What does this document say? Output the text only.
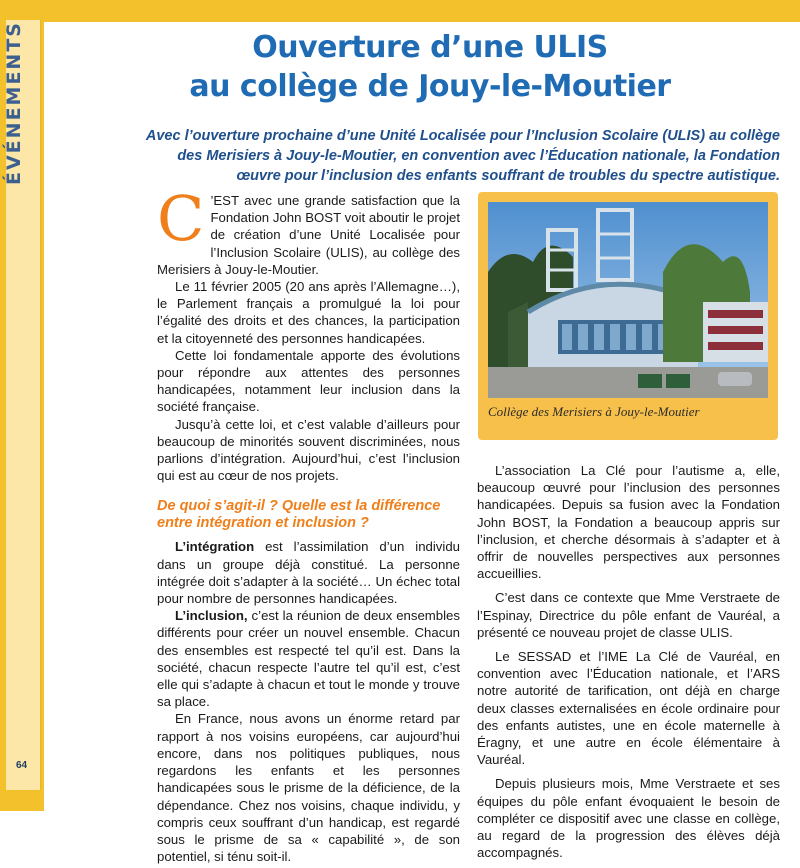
ÉVÉNEMENTS
64
Ouverture d’une ULIS
au collège de Jouy-le-Moutier
Avec l’ouverture prochaine d’une Unité Localisée pour l’Inclusion Scolaire (ULIS) au collège des Merisiers à Jouy-le-Moutier, en convention avec l’Éducation nationale, la Fondation œuvre pour l’inclusion des enfants souffrant de troubles du spectre autistique.

C ’EST avec une grande satisfaction que la Fondation John BOST voit aboutir le projet de création d’une Unité Localisée pour l’Inclusion Scolaire (ULIS), au collège des Merisiers à Jouy-le-Moutier.

Le 11 février 2005 (20 ans après l’Allemagne…), le Parlement français a promulgué la loi pour l’égalité des droits et des chances, la participation et la citoyenneté des personnes handicapées.

Cette loi fondamentale apporte des évolutions pour répondre aux attentes des personnes handicapées, notamment leur inclusion dans la société française.

Jusqu’à cette loi, et c’est valable d’ailleurs pour beaucoup de minorités souvent discriminées, nous parlions d’intégration. Aujourd’hui, c’est l’inclusion qui est au cœur de nos projets.

De quoi s’agit-il ? Quelle est la différence entre intégration et inclusion ?

L’intégration est l’assimilation d’un individu dans un groupe déjà constitué. La personne intégrée doit s’adapter à la société… Un échec total pour nombre de personnes handicapées.

L’inclusion, c’est la réunion de deux ensembles différents pour créer un nouvel ensemble. Chacun des ensembles est respecté tel qu’il est. Dans la société, chacun respecte l’autre tel qu’il est, c’est elle qui s’adapte à chacun et tout le monde y trouve sa place.

En France, nous avons un énorme retard par rapport à nos voisins européens, car aujourd’hui encore, dans nos politiques publiques, nous regardons les enfants et les personnes handicapées sous le prisme de la déficience, de la dépendance. Chez nos voisins, chaque individu, y compris ceux souffrant d’un handicap, est regardé sous le prisme de sa « capabilité », de son potentiel, si ténu soit-il.

Collège des Merisiers à Jouy-le-Moutier

L’association La Clé pour l’autisme a, elle, beaucoup œuvré pour l’inclusion des personnes handicapées. Depuis sa fusion avec la Fondation John BOST, la Fondation a beaucoup appris sur l’inclusion, et cherche désormais à s’adapter et à offrir de nouvelles perspectives aux personnes accueillies.

C’est dans ce contexte que Mme Verstraete de l’Espinay, Directrice du pôle enfant de Vauréal, a présenté ce nouveau projet de classe ULIS.

Le SESSAD et l’IME La Clé de Vauréal, en convention avec l’Éducation nationale, et l’ARS notre autorité de tarification, ont déjà en charge deux classes externalisées en école ordinaire pour des enfants autistes, une en école maternelle à Éragny, et une autre en école élémentaire à Vauréal.

Depuis plusieurs mois, Mme Verstraete et ses équipes du pôle enfant évoquaient le besoin de compléter ce dispositif avec une classe en collège, au regard de la progression des élèves déjà accompagnés.
